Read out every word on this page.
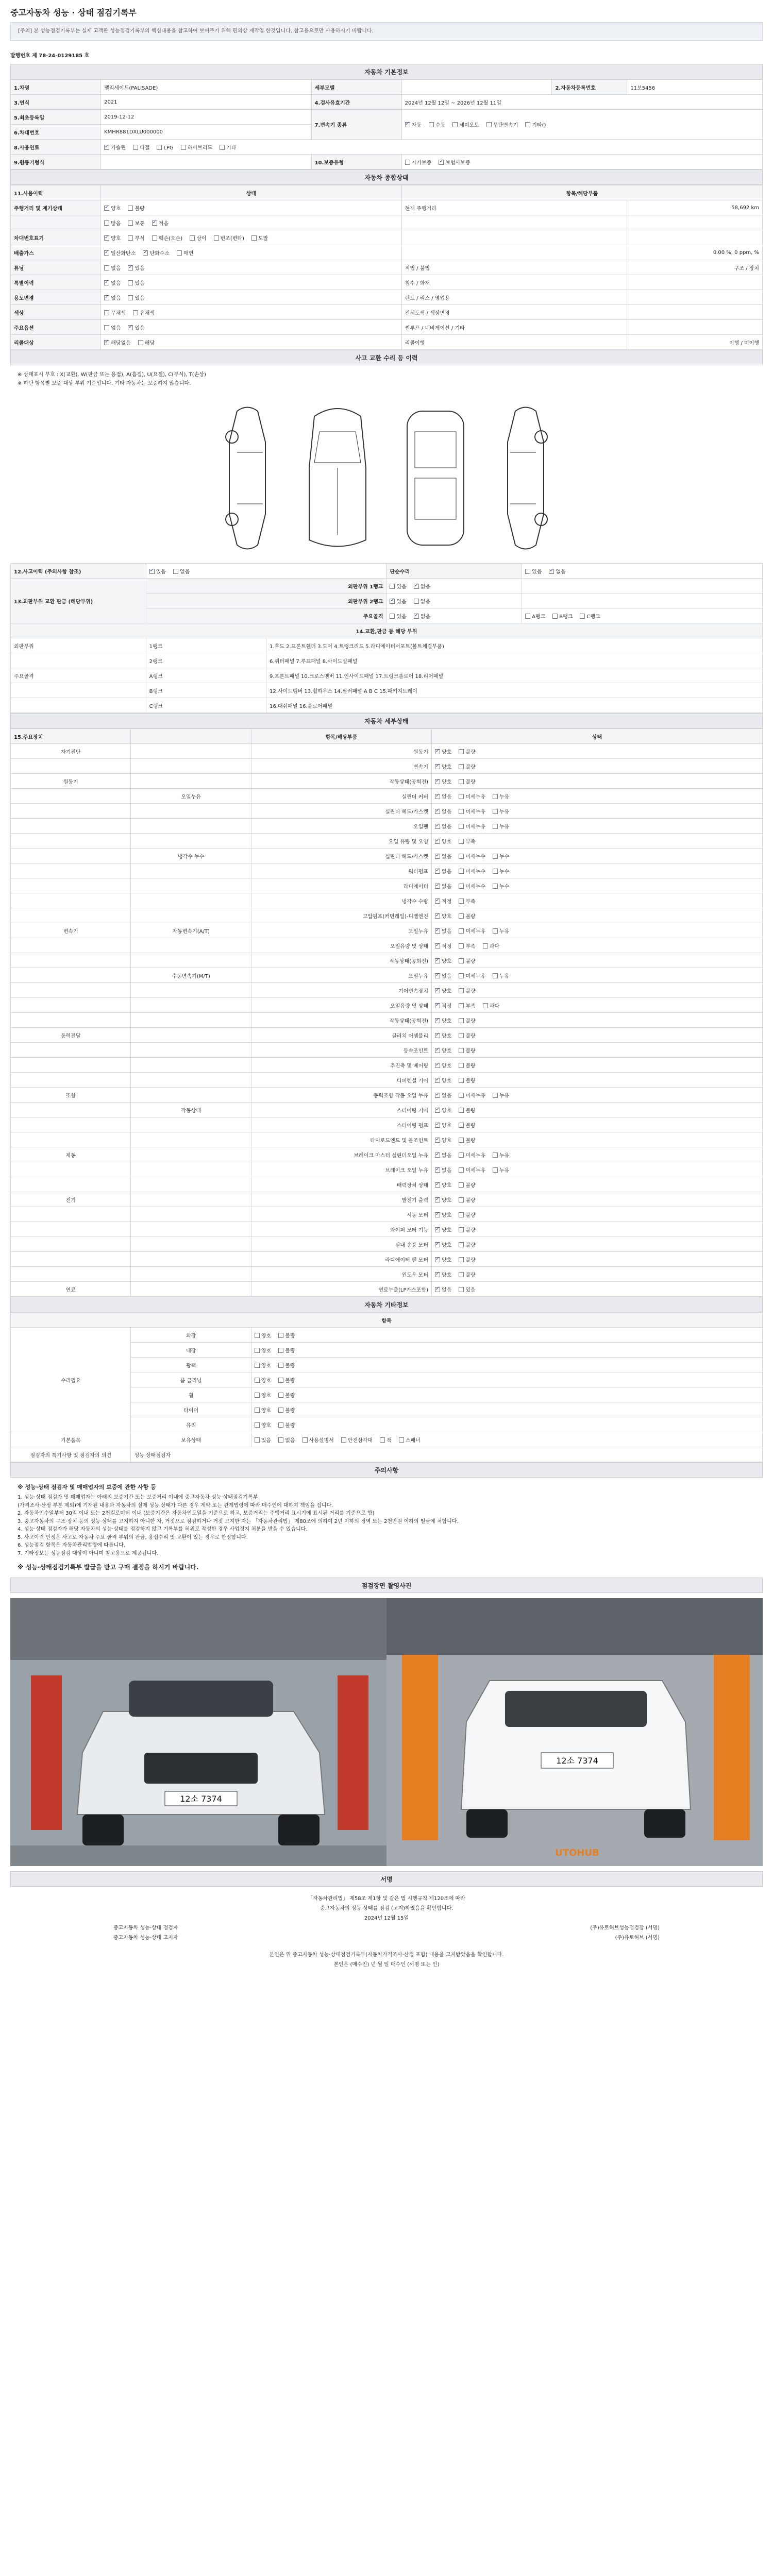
중고자동차 성능 · 상태 점검기록부
[주의] 본 성능점검기록부는 실제 고객판 성능점검기록부의 핵심내용을 참고하여 보여주기 위해 편의상 재작업 한것입니다. 참고용으로만 사용하시기 바랍니다.
발행번호 제 78-24-0129185 호
자동차 기본정보
1.차명	팰리세이드(PALISADE)	세부모델		2.자동차등록번호	11보5456
3.연식	2021	4.검사유효기간	2024년 12월 12일 ~ 2026년 12월 11일		
5.최초등록일	2019-12-12	7.변속기 종류	✓자동 수동 세미오토 무단변속기 기타()
6.차대번호	KMHR881DXLU000000				
8.사용연료	✓가솔린 디젤 LPG 하이브리드 기타
9.원동기형식		10.보증유형	자가보증 ✓ 보험사보증
자동차 종합상태
11.사용이력	상태	항목/해당부품	
주행거리 및 계기상태	✓양호 불량	현재 주행거리	58,692 km
	많음 보통 ✓ 적음		
차대번호표기	✓양호 부식 훼손(오손) 상이 변조(변타) 도말		
배출가스	✓일산화탄소 ✓ 탄화수소 매연		0.00 %, 0 ppm, %
튜닝	없음 ✓ 있음	적법 / 불법	구조 / 장치
특별이력	✓없음 있음	침수 / 화재	
용도변경	✓없음 있음	렌트 / 리스 / 영업용	
색상	무채색 유채색	전체도색 / 색상변경	
주요옵션	없음 ✓ 있음	썬루프 / 네비게이션 / 기타	
리콜대상	✓해당없음 해당	리콜이행	이행 / 미이행
사고 교환 수리 등 이력
※ 상태표시 부호 : X(교환), W(판금 또는 용접), A(흠집), U(요철), C(부식), T(손상)
※ 하단 항목별 보증 대상 부위 기준입니다. 기타 자동차는 보증하지 않습니다.
12.사고이력 (주의사항 참조)	✓있음 없음		단순수리	있음 ✓ 없음
13.외판부위 교환 판금 (해당부위)	외판부위 1랭크		있음 ✓ 없음	
	외판부위 2랭크	✓있음 없음	
	주요골격		있음 ✓ 없음	A랭크 B랭크 C랭크
14.교환,판금 등 해당 부위				
외판부위	1랭크	1.후드 2.프론트휀더 3.도어 4.트렁크리드 5.라디에이터서포트(볼트체결부품)		
	2랭크	6.쿼터패널 7.루프패널 8.사이드실패널		
주요골격	A랭크	9.프론트패널 10.크로스멤버 11.인사이드패널 17.트렁크플로어 18.리어패널		
	B랭크	12.사이드멤버 13.휠하우스 14.필러패널 A B C 15.패키지트레이		
	C랭크	16.대쉬패널 16.플로어패널		
자동차 세부상태
15.주요장치		항목/해당부품	상태
자기진단		원동기	✓양호 불량
		변속기	✓양호 불량
원동기		작동상태(공회전)	✓양호 불량
	오일누유	실린더 커버	✓없음 미세누유 누유
		실린더 헤드/가스켓	✓없음 미세누유 누유
		오일팬	✓없음 미세누유 누유
		오일 유량 및 오염	✓양호 부족
	냉각수 누수	실린더 헤드/가스켓	✓없음 미세누수 누수
		워터펌프	✓없음 미세누수 누수
		라디에이터	✓없음 미세누수 누수
		냉각수 수량	✓적정 부족
		고압펌프(커먼레일)-디젤엔진	✓양호 불량
변속기	자동변속기(A/T)	오일누유	✓없음 미세누유 누유
		오일유량 및 상태	✓적정 부족 과다
		작동상태(공회전)	✓양호 불량
	수동변속기(M/T)	오일누유	✓없음 미세누유 누유
		기어변속장치	✓양호 불량
		오일유량 및 상태	✓적정 부족 과다
		작동상태(공회전)	✓양호 불량
동력전달		클러치 어셈블리	✓양호 불량
		등속조인트	✓양호 불량
		추진축 및 베어링	✓양호 불량
		디퍼렌셜 기어	✓양호 불량
조향		동력조향 작동 오일 누유	✓없음 미세누유 누유
	작동상태	스티어링 기어	✓양호 불량
		스티어링 펌프	✓양호 불량
		타이로드엔드 및 볼조인트	✓양호 불량
제동		브레이크 마스터 실린더오일 누유	✓없음 미세누유 누유
		브레이크 오일 누유	✓없음 미세누유 누유
		배력장치 상태	✓양호 불량
전기		발전기 출력	✓양호 불량
		시동 모터	✓양호 불량
		와이퍼 모터 기능	✓양호 불량
		실내 송풍 모터	✓양호 불량
		라디에이터 팬 모터	✓양호 불량
		윈도우 모터	✓양호 불량
연료		연료누출(LP가스포함)	✓없음 있음
자동차 기타정보
항목		
수리필요	외장	양호 불량
	내장	양호 불량
	광택	양호 불량
	룸 클리닝	양호 불량
	휠	양호 불량
	타이어	양호 불량
	유리	양호 불량
기본품목	보유상태	있음 없음 사용설명서 안전삼각대 잭 스패너
점검자의 특기사항 및 점검자의 의견	성능·상태점검자	
주의사항
※ 성능·상태 점검자 및 매매업자의 보증에 관한 사항 등
1. 성능·상태 점검자 및 매매업자는 아래의 보증기간 또는 보증거리 이내에 중고자동차 성능·상태점검기록부
(가격조사·산정 부분 제외)에 기재된 내용과 자동차의 실제 성능·상태가 다른 경우 계약 또는 관계법령에 따라 매수인에 대하여 책임을 집니다.
2. 자동차인수일부터 30일 이내 또는 2천킬로미터 이내 (보증기간은 자동차인도일을 기준으로 하고, 보증거리는 주행거리 표시기에 표시된 거리를 기준으로 함)
3. 중고자동차의 구조·장치 등의 성능·상태를 고지하지 아니한 자, 거짓으로 점검하거나 거짓 고지한 자는 「자동차관리법」 제80조에 의하여 2년 이하의 징역 또는 2천만원 이하의 벌금에 처합니다.
4. 성능·상태 점검자가 해당 자동차의 성능·상태를 점검하지 않고 기록부를 허위로 작성한 경우 사업정지 처분을 받을 수 있습니다.
5. 사고이력 인정은 사고로 자동차 주요 골격 부위의 판금, 용접수리 및 교환이 있는 경우로 한정합니다.
6. 성능점검 항목은 자동차관리법령에 따릅니다.
7. 기타정보는 성능점검 대상이 아니며 참고용으로 제공됩니다.
※ 성능·상태점검기록부 발급을 받고 구매 결정을 하시기 바랍니다.
점검장면 촬영사진
12소 7374
12소 7374
UTOHUB
서명
「자동차관리법」 제58조 제1항 및 같은 법 시행규칙 제120조에 따라
중고자동차의 성능·상태를 점검 (고지)하였음을 확인합니다.
2024년 12월 15일
중고자동차 성능·상태 점검자	(주)유토허브성능점검장 (서명)
중고자동차 성능·상태 고지자	(주)유토허브 (서명)
본인은 위 중고자동차 성능·상태점검기록부(자동차가격조사·산정 포함) 내용을 고지받았음을 확인합니다.
본인은 (매수인) 년 월 일 매수인 (서명 또는 인)
